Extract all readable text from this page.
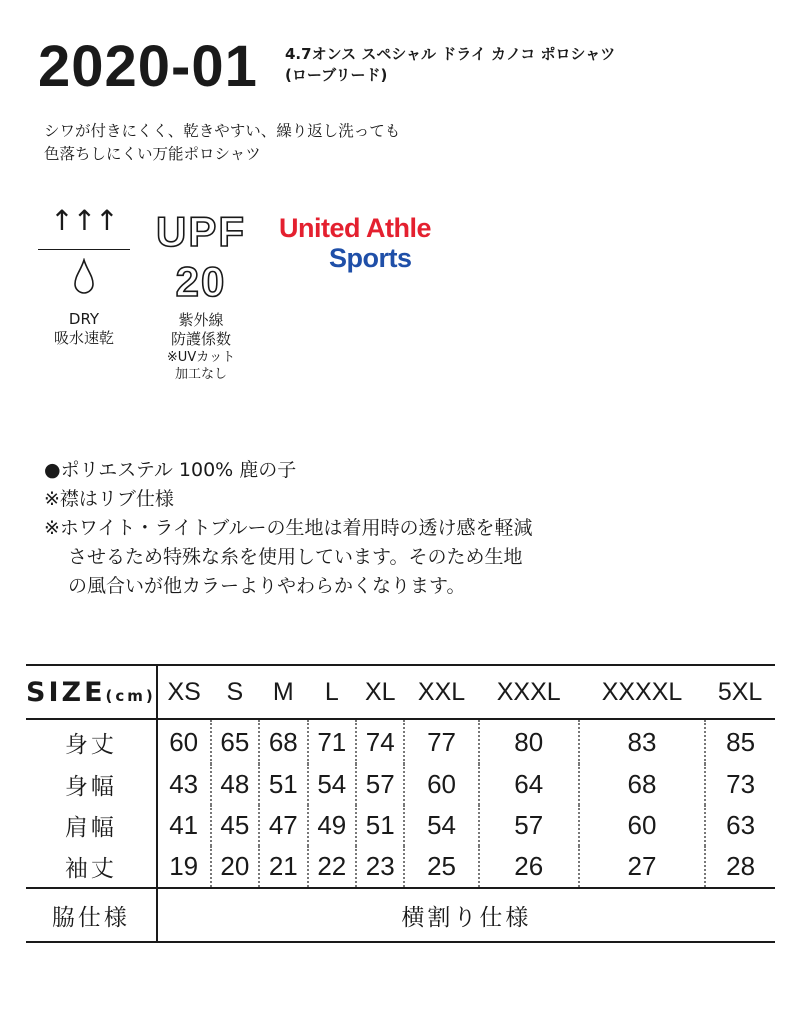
2020-01 4.7オンス スペシャル ドライ カノコ ポロシャツ
(ローブリード)
シワが付きにくく、乾きやすい、繰り返し洗っても
色落ちしにくい万能ポロシャツ
↑↑↑
DRY
吸水速乾
UPF
20
紫外線
防護係数
※UVカット
加工なし
United Athle
Sports
●ポリエステル 100% 鹿の子
※襟はリブ仕様
※ホワイト・ライトブルーの生地は着用時の透け感を軽減
させるため特殊な糸を使用しています。そのため生地
の風合いが他カラーよりやわらかくなります。
SIZE(cm)	XS	S	M	L	XL	XXL	XXXL	XXXXL	5XL
身丈	60	65	68	71	74	77	80	83	85
身幅	43	48	51	54	57	60	64	68	73
肩幅	41	45	47	49	51	54	57	60	63
袖丈	19	20	21	22	23	25	26	27	28
脇仕様	横割り仕様								
